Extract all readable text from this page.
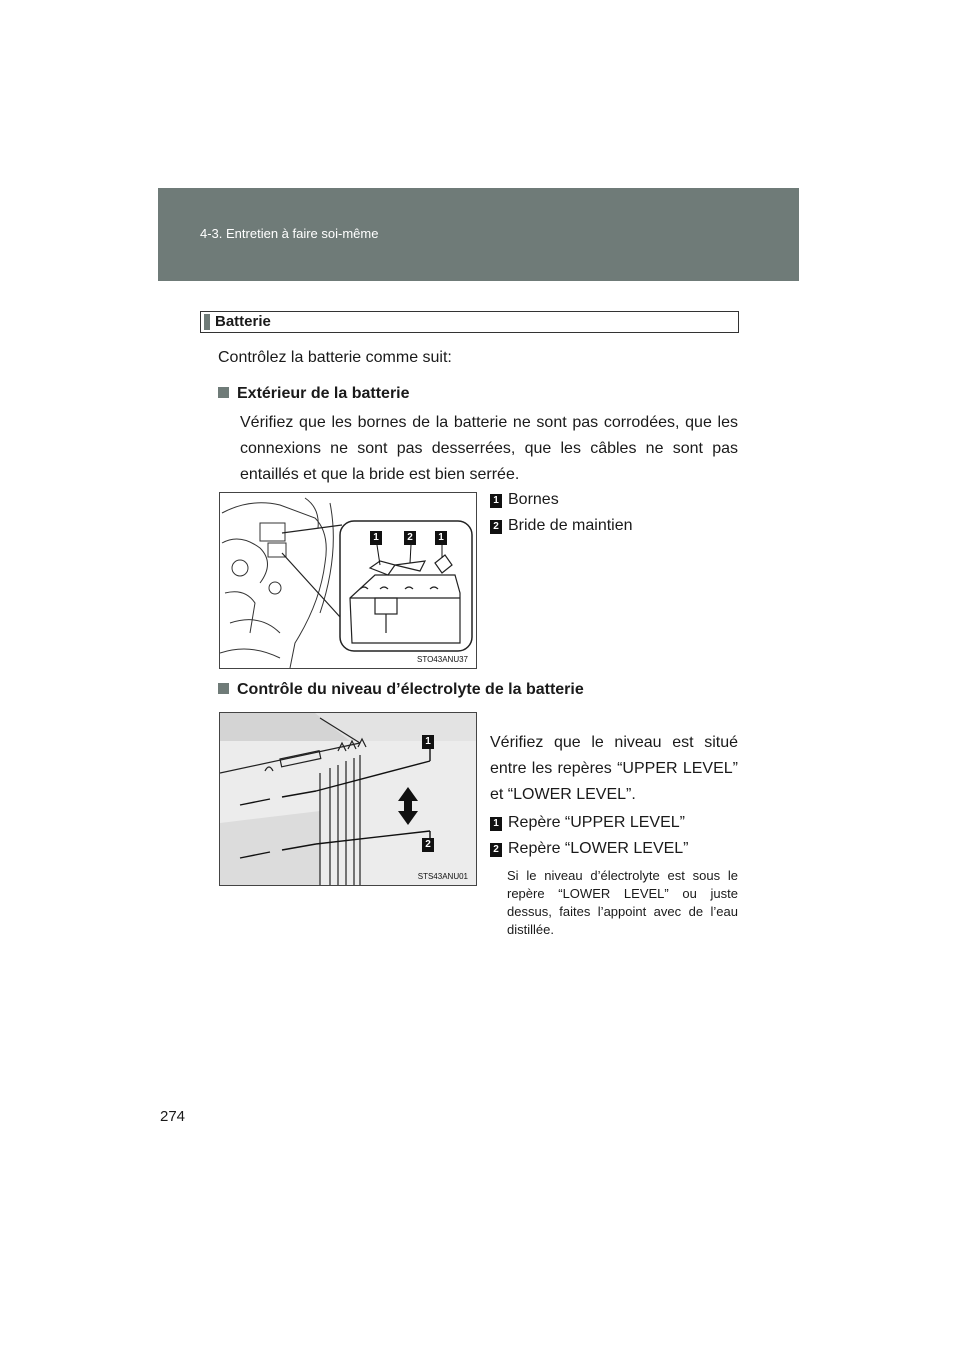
4-3. Entretien à faire soi-même
Batterie
Contrôlez la batterie comme suit:
Extérieur de la batterie
Vérifiez que les bornes de la batterie ne sont pas corrodées, que les connexions ne sont pas desserrées, que les câbles ne sont pas entaillés et que la bride est bien serrée.
1	2	1
STO43ANU37
1 Bornes
2 Bride de maintien
Contrôle du niveau d’électrolyte de la batterie
1
2
STS43ANU01
Vérifiez que le niveau est situé entre les repères “UPPER LEVEL” et “LOWER LEVEL”.
1 Repère “UPPER LEVEL”
2 Repère “LOWER LEVEL”
Si le niveau d’électrolyte est sous le repère “LOWER LEVEL” ou juste dessus, faites l’appoint avec de l’eau distillée.
274
